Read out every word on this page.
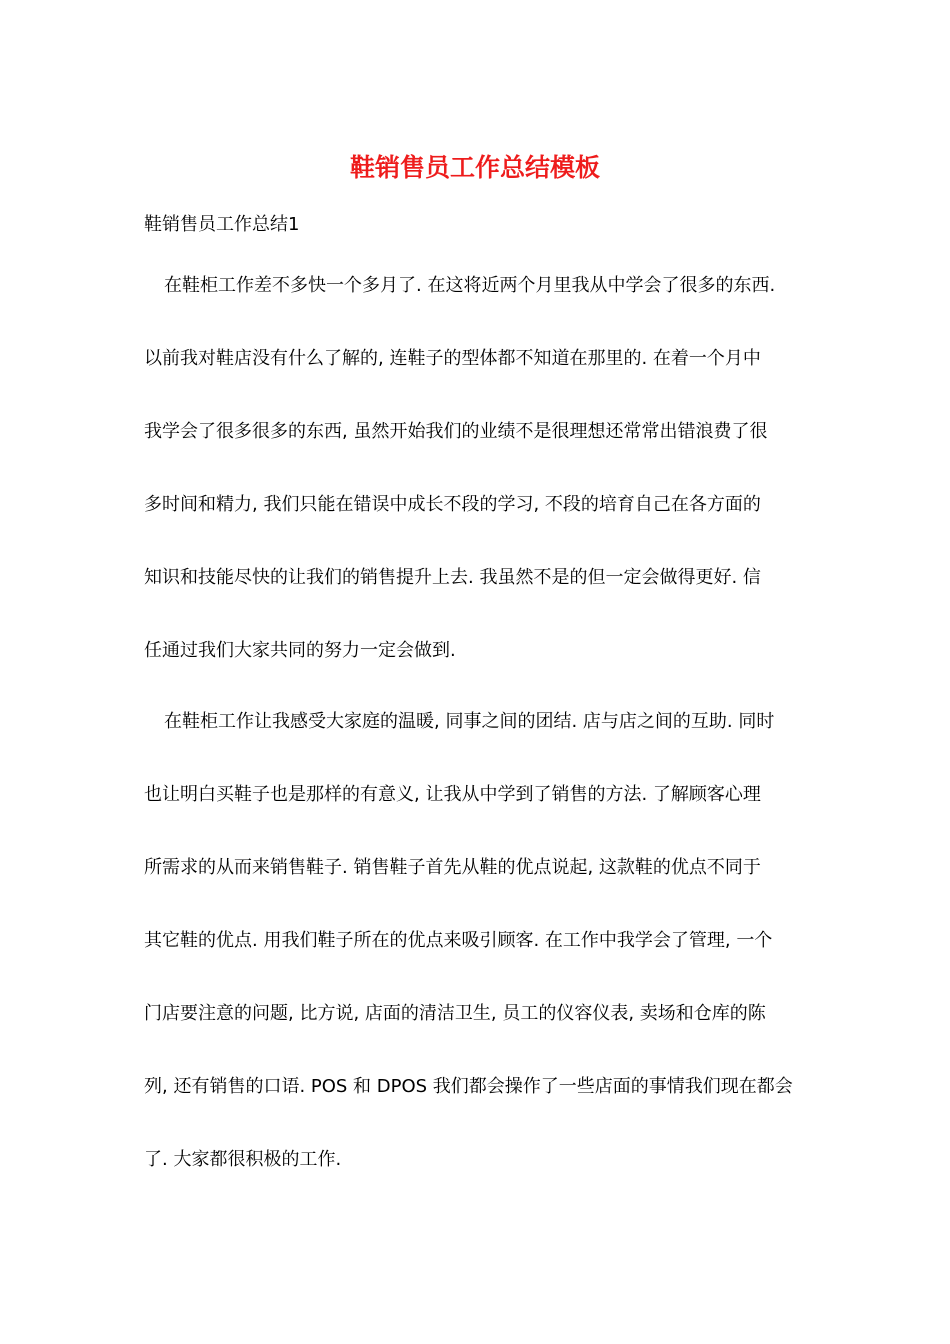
鞋销售员工作总结模板

鞋销售员工作总结1

在鞋柜工作差不多快一个多月了. 在这将近两个月里我从中学会了很多的东西.
以前我对鞋店没有什么了解的, 连鞋子的型体都不知道在那里的. 在着一个月中
我学会了很多很多的东西, 虽然开始我们的业绩不是很理想还常常出错浪费了很
多时间和精力, 我们只能在错误中成长不段的学习, 不段的培育自己在各方面的
知识和技能尽快的让我们的销售提升上去. 我虽然不是的但一定会做得更好. 信
任通过我们大家共同的努力一定会做到.
在鞋柜工作让我感受大家庭的温暖, 同事之间的团结. 店与店之间的互助. 同时
也让明白买鞋子也是那样的有意义, 让我从中学到了销售的方法. 了解顾客心理
所需求的从而来销售鞋子. 销售鞋子首先从鞋的优点说起, 这款鞋的优点不同于
其它鞋的优点. 用我们鞋子所在的优点来吸引顾客. 在工作中我学会了管理, 一个
门店要注意的问题, 比方说, 店面的清洁卫生, 员工的仪容仪表, 卖场和仓库的陈
列, 还有销售的口语. POS 和 DPOS 我们都会操作了一些店面的事情我们现在都会
了. 大家都很积极的工作.
